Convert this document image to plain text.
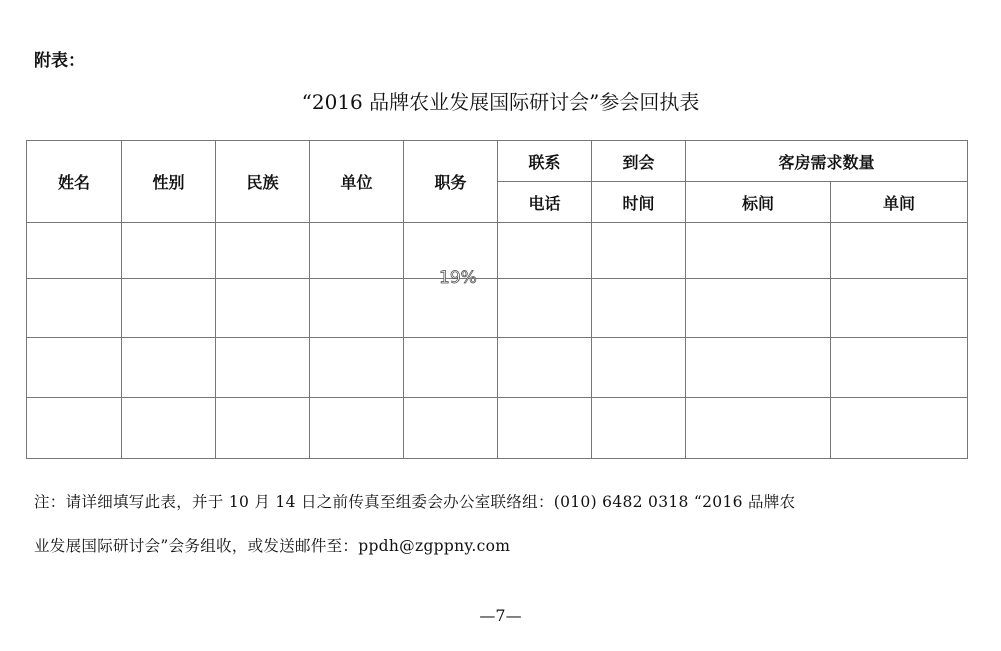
附表：
“2016 品牌农业发展国际研讨会”参会回执表
姓名	性别	民族	单位	职务	联系	到会	客房需求数量	
					电话	时间	标间	单间

注：请详细填写此表，并于 10 月 14 日之前传真至组委会办公室联络组：(010) 6482 0318 “2016 品牌农
业发展国际研讨会”会务组收，或发送邮件至：ppdh@zgppny.com
19%
—7—
